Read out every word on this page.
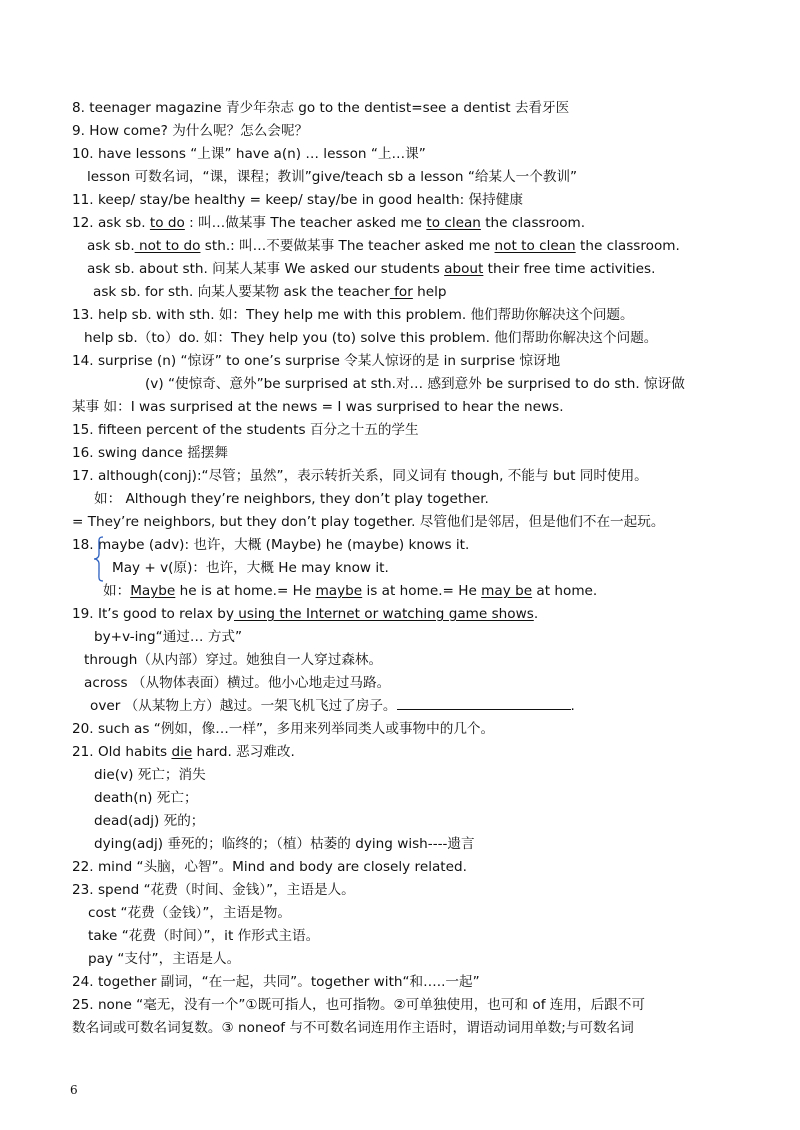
8. teenager magazine 青少年杂志 go to the dentist=see a dentist 去看牙医
9. How come? 为什么呢？怎么会呢？
10. have lessons “上课” have a(n) … lesson “上…课”
lesson 可数名词，“课，课程；教训”give/teach sb a lesson “给某人一个教训”
11. keep/ stay/be healthy = keep/ stay/be in good health: 保持健康
12. ask sb. to do : 叫…做某事 The teacher asked me to clean the classroom.
ask sb. not to do sth.: 叫…不要做某事 The teacher asked me not to clean the classroom.
ask sb. about sth. 问某人某事 We asked our students about their free time activities.
ask sb. for sth. 向某人要某物 ask the teacher for help
13. help sb. with sth. 如：They help me with this problem. 他们帮助你解决这个问题。
help sb.（to）do. 如：They help you (to) solve this problem. 他们帮助你解决这个问题。
14. surprise (n) “惊讶” to one’s surprise 令某人惊讶的是 in surprise 惊讶地
(v) “使惊奇、意外”be surprised at sth.对… 感到意外 be surprised to do sth. 惊讶做
某事 如：I was surprised at the news = I was surprised to hear the news.
15. fifteen percent of the students 百分之十五的学生
16. swing dance 摇摆舞
17. although(conj):“尽管；虽然”，表示转折关系，同义词有 though, 不能与 but 同时使用。
如： Although they’re neighbors, they don’t play together.
= They’re neighbors, but they don’t play together. 尽管他们是邻居，但是他们不在一起玩。
18. maybe (adv): 也许，大概 (Maybe) he (maybe) knows it.
May + v(原)：也许，大概 He may know it.
如：Maybe he is at home.= He maybe is at home.= He may be at home.
19. It’s good to relax by using the Internet or watching game shows.
by+v-ing“通过… 方式”
through（从内部）穿过。她独自一人穿过森林。
across （从物体表面）横过。他小心地走过马路。
over （从某物上方）越过。一架飞机飞过了房子。	.
20. such as “例如，像…一样”，多用来列举同类人或事物中的几个。
21. Old habits die hard. 恶习难改.
die(v) 死亡；消失
death(n) 死亡；
dead(adj) 死的；
dying(adj) 垂死的；临终的；（植）枯萎的 dying wish----遗言
22. mind “头脑，心智”。Mind and body are closely related.
23. spend “花费（时间、金钱）”，主语是人。
cost “花费（金钱）”，主语是物。
take “花费（时间）”，it 作形式主语。
pay “支付”，主语是人。
24. together 副词，“在一起，共同”。together with“和…..一起”
25. none “毫无，没有一个”①既可指人，也可指物。②可单独使用，也可和 of 连用，后跟不可
数名词或可数名词复数。③ noneof 与不可数名词连用作主语时，谓语动词用单数;与可数名词
6
